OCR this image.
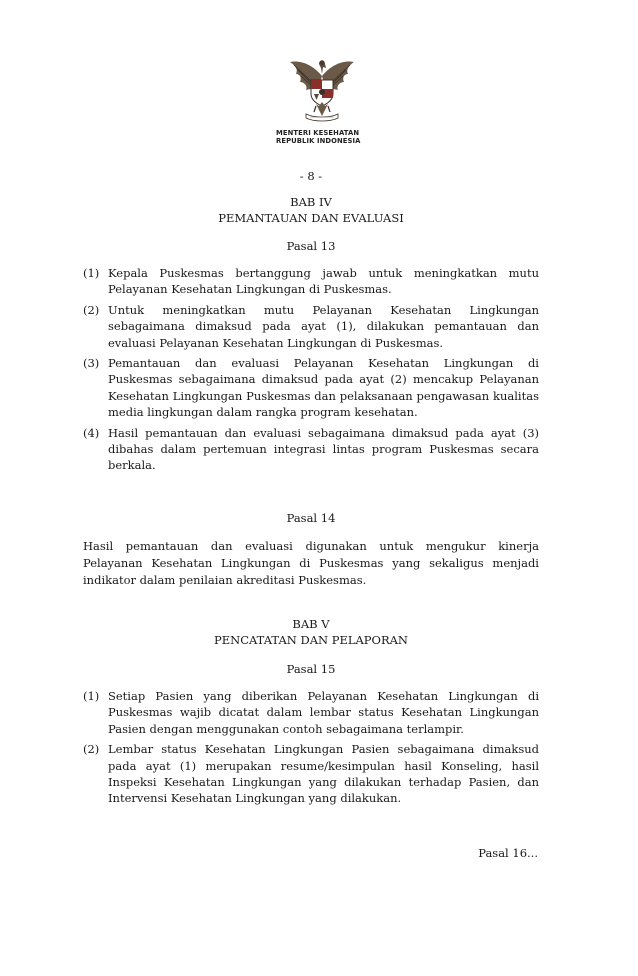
MENTERI KESEHATAN
REPUBLIK INDONESIA
- 8 -
BAB IV
PEMANTAUAN DAN EVALUASI
Pasal 13
(1) Kepala Puskesmas bertanggung jawab untuk meningkatkan mutu Pelayanan Kesehatan Lingkungan di Puskesmas.
(2) Untuk meningkatkan mutu Pelayanan Kesehatan Lingkungan sebagaimana dimaksud pada ayat (1), dilakukan pemantauan dan evaluasi Pelayanan Kesehatan Lingkungan di Puskesmas.
(3) Pemantauan dan evaluasi Pelayanan Kesehatan Lingkungan di Puskesmas sebagaimana dimaksud pada ayat (2) mencakup Pelayanan Kesehatan Lingkungan Puskesmas dan pelaksanaan pengawasan kualitas media lingkungan dalam rangka program kesehatan.
(4) Hasil pemantauan dan evaluasi sebagaimana dimaksud pada ayat (3) dibahas dalam pertemuan integrasi lintas program Puskesmas secara berkala.
Pasal 14
Hasil pemantauan dan evaluasi digunakan untuk mengukur kinerja Pelayanan Kesehatan Lingkungan di Puskesmas yang sekaligus menjadi indikator dalam penilaian akreditasi Puskesmas.
BAB V
PENCATATAN DAN PELAPORAN
Pasal 15
(1) Setiap Pasien yang diberikan Pelayanan Kesehatan Lingkungan di Puskesmas wajib dicatat dalam lembar status Kesehatan Lingkungan Pasien dengan menggunakan contoh sebagaimana terlampir.
(2) Lembar status Kesehatan Lingkungan Pasien sebagaimana dimaksud pada ayat (1) merupakan resume/kesimpulan hasil Konseling, hasil Inspeksi Kesehatan Lingkungan yang dilakukan terhadap Pasien, dan Intervensi Kesehatan Lingkungan yang dilakukan.
Pasal 16...
